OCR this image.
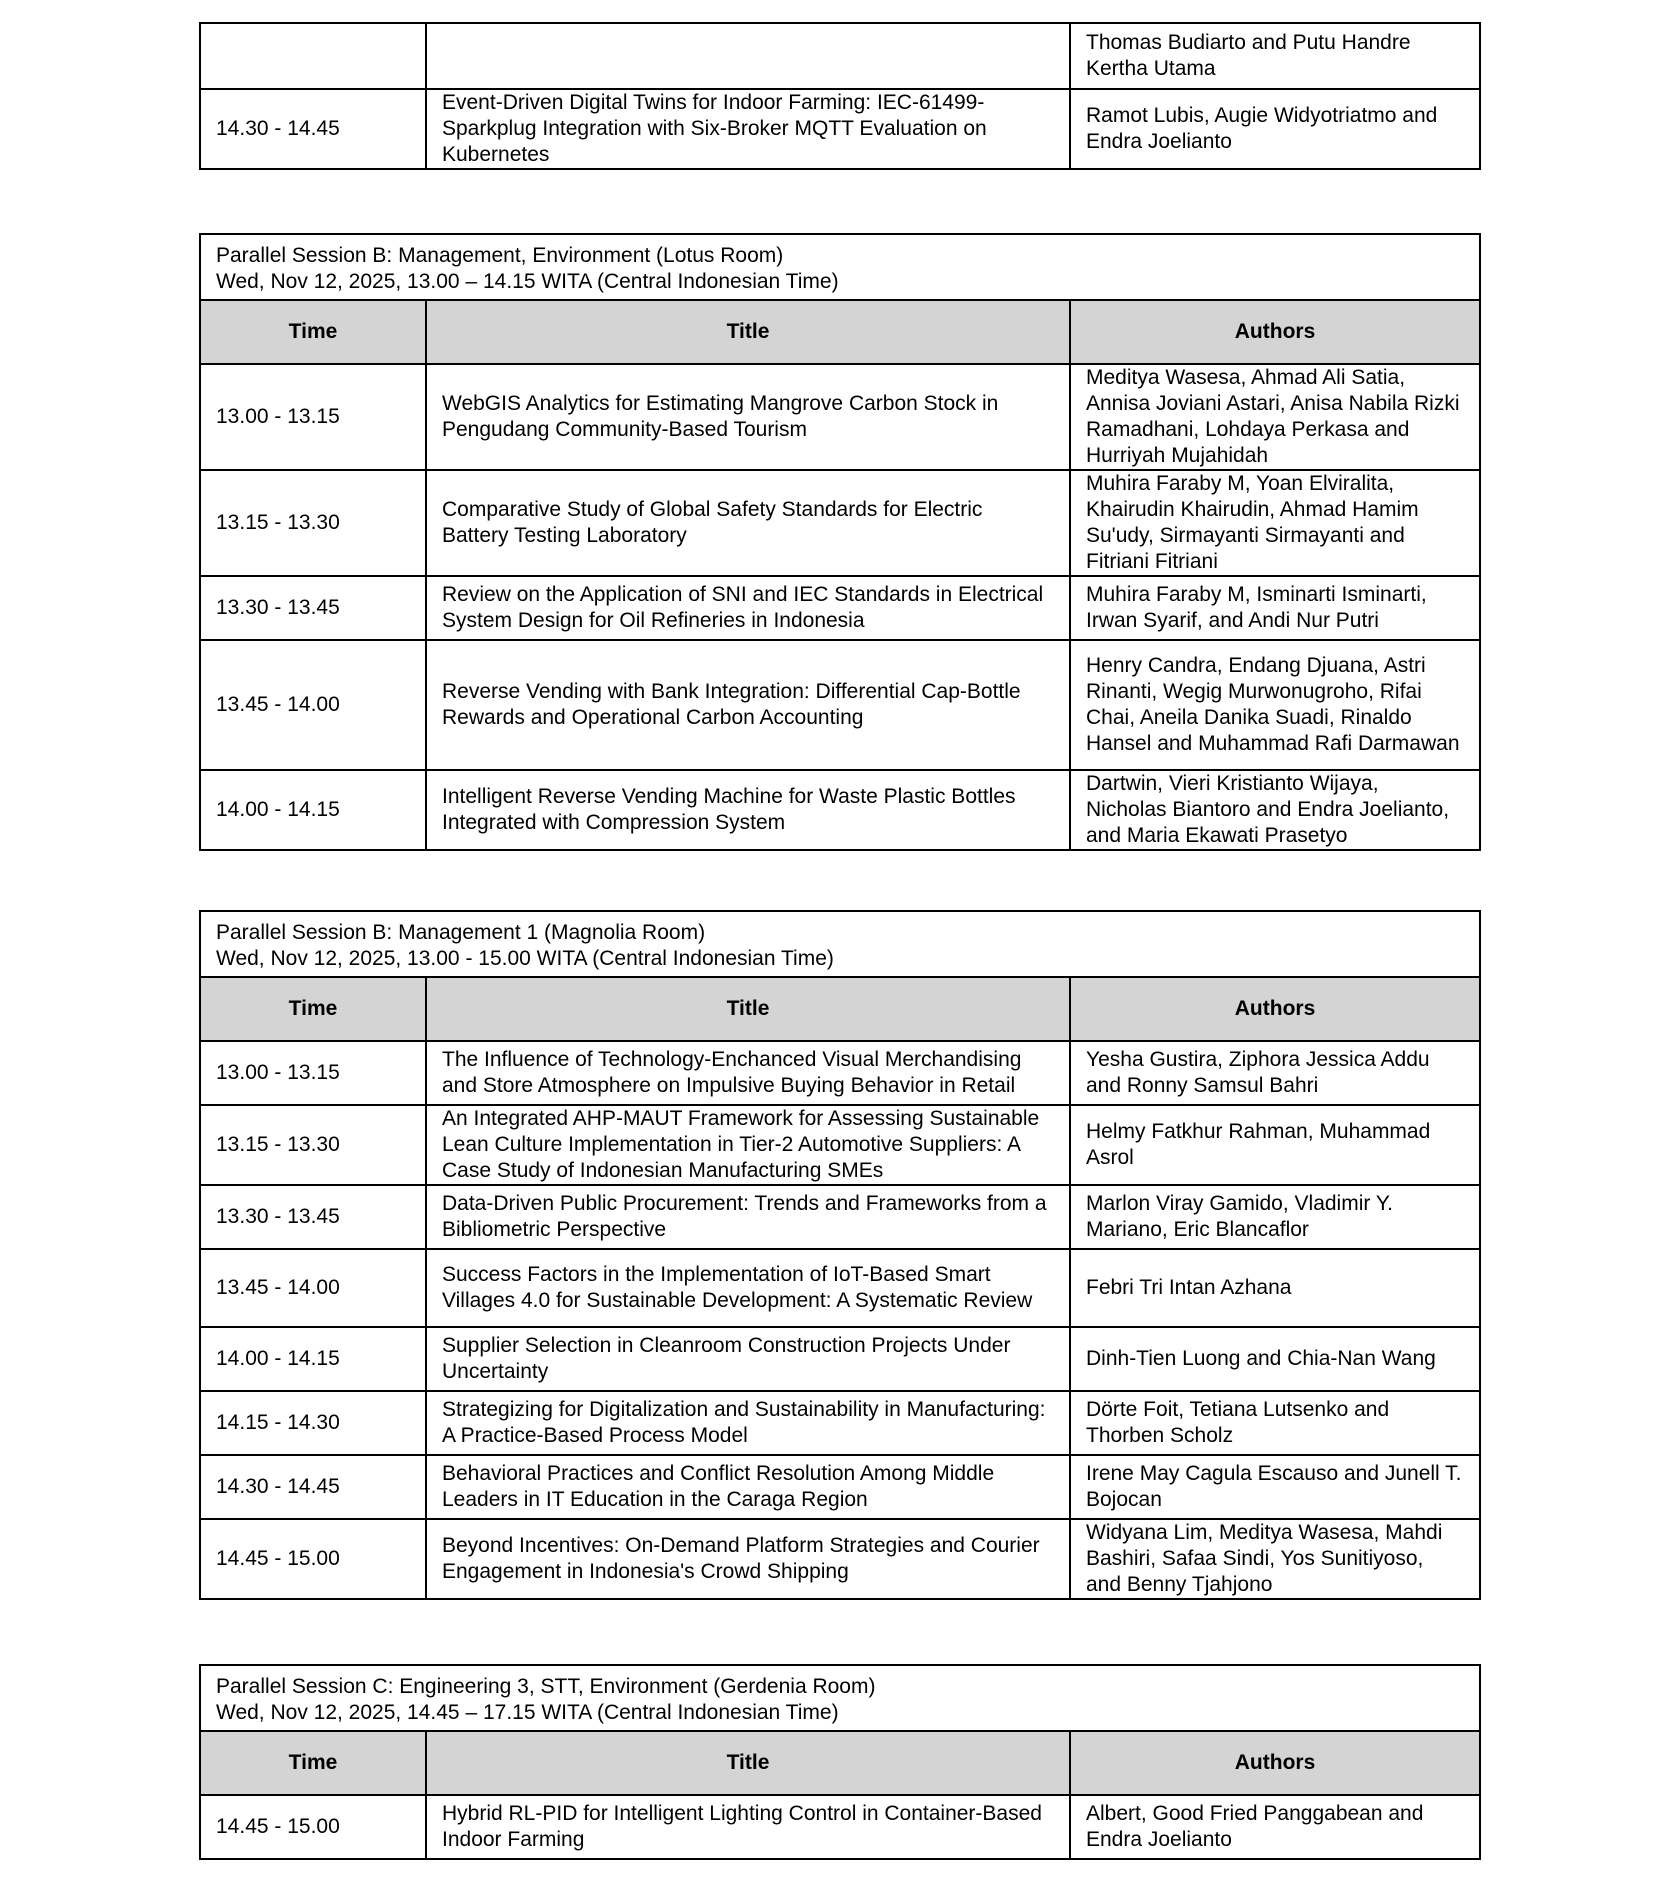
		Thomas Budiarto and Putu Handre Kertha Utama
14.30 - 14.45	Event-Driven Digital Twins for Indoor Farming: IEC-61499-Sparkplug Integration with Six-Broker MQTT Evaluation on Kubernetes	Ramot Lubis, Augie Widyotriatmo and Endra Joelianto
Parallel Session B: Management, Environment (Lotus Room)
Wed, Nov 12, 2025, 13.00 – 14.15 WITA (Central Indonesian Time)		

Time	Title	Authors
13.00 - 13.15	WebGIS Analytics for Estimating Mangrove Carbon Stock in Pengudang Community-Based Tourism	Meditya Wasesa, Ahmad Ali Satia, Annisa Joviani Astari, Anisa Nabila Rizki Ramadhani, Lohdaya Perkasa and Hurriyah Mujahidah
13.15 - 13.30	Comparative Study of Global Safety Standards for Electric Battery Testing Laboratory	Muhira Faraby M, Yoan Elviralita, Khairudin Khairudin, Ahmad Hamim Su'udy, Sirmayanti Sirmayanti and Fitriani Fitriani
13.30 - 13.45	Review on the Application of SNI and IEC Standards in Electrical System Design for Oil Refineries in Indonesia	Muhira Faraby M, Isminarti Isminarti, Irwan Syarif, and Andi Nur Putri
13.45 - 14.00	Reverse Vending with Bank Integration: Differential Cap-Bottle Rewards and Operational Carbon Accounting	Henry Candra, Endang Djuana, Astri Rinanti, Wegig Murwonugroho, Rifai Chai, Aneila Danika Suadi, Rinaldo Hansel and Muhammad Rafi Darmawan
14.00 - 14.15	Intelligent Reverse Vending Machine for Waste Plastic Bottles Integrated with Compression System	Dartwin, Vieri Kristianto Wijaya, Nicholas Biantoro and Endra Joelianto, and Maria Ekawati Prasetyo
Parallel Session B: Management 1 (Magnolia Room)
Wed, Nov 12, 2025, 13.00 - 15.00 WITA (Central Indonesian Time)		

Time	Title	Authors
13.00 - 13.15	The Influence of Technology-Enchanced Visual Merchandising and Store Atmosphere on Impulsive Buying Behavior in Retail	Yesha Gustira, Ziphora Jessica Addu and Ronny Samsul Bahri
13.15 - 13.30	An Integrated AHP-MAUT Framework for Assessing Sustainable Lean Culture Implementation in Tier-2 Automotive Suppliers: A Case Study of Indonesian Manufacturing SMEs	Helmy Fatkhur Rahman, Muhammad Asrol
13.30 - 13.45	Data-Driven Public Procurement: Trends and Frameworks from a Bibliometric Perspective	Marlon Viray Gamido, Vladimir Y. Mariano, Eric Blancaflor
13.45 - 14.00	Success Factors in the Implementation of IoT-Based Smart Villages 4.0 for Sustainable Development: A Systematic Review	Febri Tri Intan Azhana
14.00 - 14.15	Supplier Selection in Cleanroom Construction Projects Under Uncertainty	Dinh-Tien Luong and Chia-Nan Wang
14.15 - 14.30	Strategizing for Digitalization and Sustainability in Manufacturing: A Practice-Based Process Model	Dörte Foit, Tetiana Lutsenko and Thorben Scholz
14.30 - 14.45	Behavioral Practices and Conflict Resolution Among Middle Leaders in IT Education in the Caraga Region	Irene May Cagula Escauso and Junell T. Bojocan
14.45 - 15.00	Beyond Incentives: On-Demand Platform Strategies and Courier Engagement in Indonesia's Crowd Shipping	Widyana Lim, Meditya Wasesa, Mahdi Bashiri, Safaa Sindi, Yos Sunitiyoso, and Benny Tjahjono
Parallel Session C: Engineering 3, STT, Environment (Gerdenia Room)
Wed, Nov 12, 2025, 14.45 – 17.15 WITA (Central Indonesian Time)		

Time	Title	Authors
14.45 - 15.00	Hybrid RL-PID for Intelligent Lighting Control in Container-Based Indoor Farming	Albert, Good Fried Panggabean and Endra Joelianto
